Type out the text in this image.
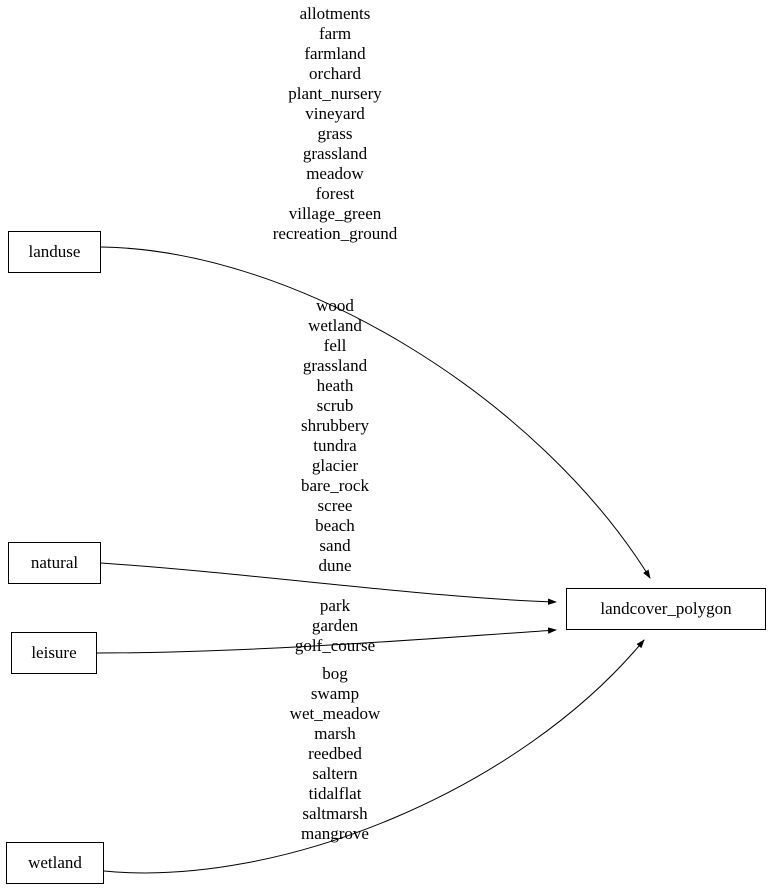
landuse
natural
leisure
wetland
landcover_polygon
allotments
farm
farmland
orchard
plant_nursery
vineyard
grass
grassland
meadow
forest
village_green
recreation_ground
wood
wetland
fell
grassland
heath
scrub
shrubbery
tundra
glacier
bare_rock
scree
beach
sand
dune
park
garden
golf_course
bog
swamp
wet_meadow
marsh
reedbed
saltern
tidalflat
saltmarsh
mangrove
